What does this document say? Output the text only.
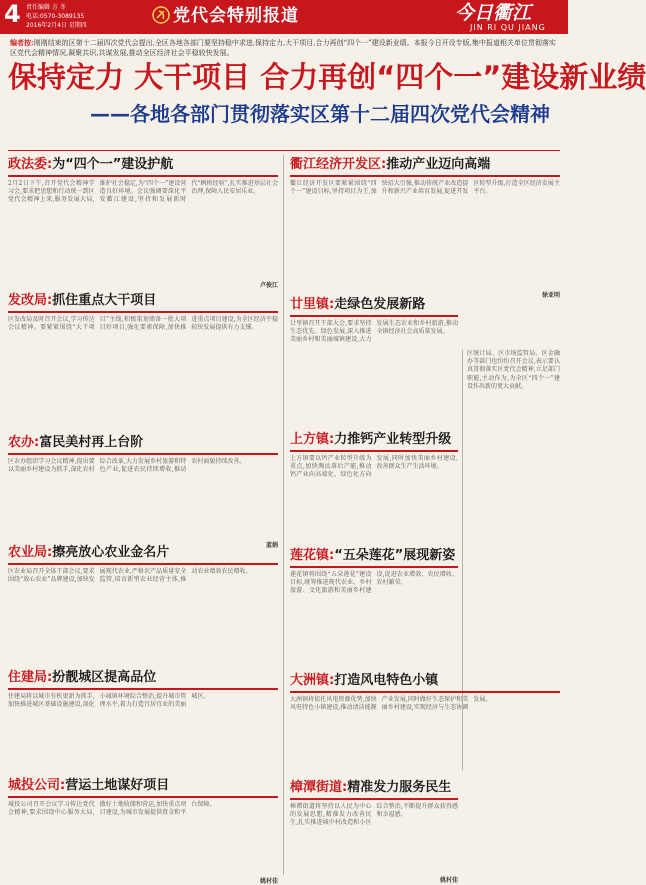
4 责任编辑 方 冬
电话:0570-3089135
2016年2月4日 星期四	党代会特别报道	今日衢江
JIN RI QU JIANG
编者按:刚刚结束的区第十二届四次党代会提出,全区各地各部门要坚持稳中求进,保持定力,大干项目,合力再创“四个一”建设新业绩。本报今日开设专版,集中报道相关单位贯彻落实区党代会精神情况,凝聚共识,共谋发展,推动全区经济社会平稳较快发展。
保持定力 大干项目 合力再创“四个一”建设新业绩
——各地各部门贯彻落实区第十二届四次党代会精神
政法委:为“四个一”建设护航
2月2日下午,召开党代会精神学习会,要求把思想和行动统一到区党代会精神上来,服务发展大局,维护社会稳定,为“四个一”建设营造良好环境。会议强调要深化平安衢江建设,坚持和发展新时代“枫桥经验”,扎实推进基层社会治理,保障人民安居乐业。
卢俊江
发改局:抓住重点大干项目
区发改局及时召开会议,学习传达会议精神。要紧紧围绕“大干项目”主线,积极策划储备一批大项目好项目,强化要素保障,加快推进重点项目建设,为全区经济平稳较快发展提供有力支撑。
农办:富民美村再上台阶
区农办组织学习会议精神,提出要以美丽乡村建设为抓手,深化农村综合改革,大力发展乡村旅游和特色产业,促进农民持续增收,推动农村面貌持续改善。
蓝娟
农业局:擦亮放心农业金名片
区农业局召开全体干部会议,要求围绕“放心农业”品牌建设,加快发展现代农业,严格农产品质量安全监管,培育新型农业经营主体,推动农业增效农民增收。
住建局:扮靓城区提高品位
住建局将以城市有机更新为抓手,加快推进城区基础设施建设,深化小城镇环境综合整治,提升城市管理水平,着力打造宜居宜业的美丽城区。
城投公司:营运土地谋好项目
城投公司召开会议学习传达党代会精神,要求围绕中心服务大局,做好土地收储和营运,加快重点项目建设,为城市发展提供资金和平台保障。
姚村佳
衢江经济开发区:推动产业迈向高端
衢江经济开发区要紧紧围绕“四个一”建设目标,坚持项目为王,加快招大引强,推动传统产业改造提升和新兴产业培育发展,促进开发区转型升级,打造全区经济发展主平台。
徐亚明
廿里镇:走绿色发展新路
廿里镇召开干部大会,要求坚持生态优先、绿色发展,深入推进美丽乡村和美丽城镇建设,大力发展生态农业和乡村旅游,推动全镇经济社会高质量发展。
上方镇:力推钙产业转型升级
上方镇要以钙产业转型升级为重点,加快淘汰落后产能,推动钙产业向高端化、绿色化方向发展,同时加快美丽乡村建设,改善群众生产生活环境。
莲花镇:“五朵莲花”展现新姿
莲花镇将围绕“五朵莲花”建设目标,统筹推进现代农业、乡村旅游、文化旅游和美丽乡村建设,促进农业增效、农民增收、农村繁荣。
大洲镇:打造风电特色小镇
大洲镇将依托风电资源优势,加快风电特色小镇建设,推动清洁能源产业发展,同时做好生态保护和美丽乡村建设,实现经济与生态协调发展。
樟潭街道:精准发力服务民生
樟潭街道将坚持以人民为中心的发展思想,精准发力改善民生,扎实推进城中村改造和小区综合整治,不断提升群众获得感和幸福感。
姚村佳
区统计局、区市场监管局、区金融办等部门也纷纷召开会议,表示要认真贯彻落实区党代会精神,立足部门职能,主动作为,为全区“四个一”建设作出新的更大贡献。
